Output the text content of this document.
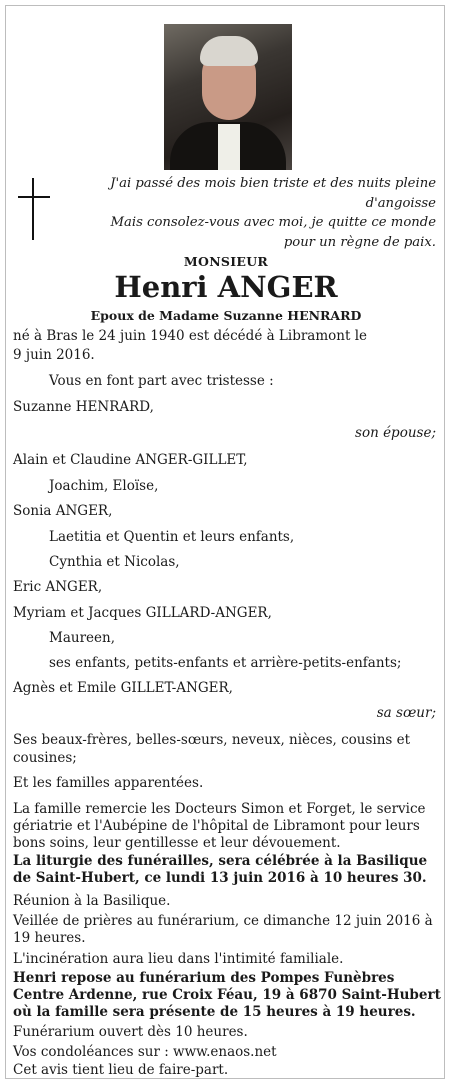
J'ai passé des mois bien triste et des nuits pleine
d'angoisse
Mais consolez-vous avec moi, je quitte ce monde
pour un règne de paix.
MONSIEUR
Henri ANGER
Epoux de Madame Suzanne HENRARD
né à Bras le 24 juin 1940 est décédé à Libramont le
9 juin 2016.
Vous en font part avec tristesse :
Suzanne HENRARD,
son épouse;
Alain et Claudine ANGER-GILLET,
Joachim, Eloïse,
Sonia ANGER,
Laetitia et Quentin et leurs enfants,
Cynthia et Nicolas,
Eric ANGER,
Myriam et Jacques GILLARD-ANGER,
Maureen,
ses enfants, petits-enfants et arrière-petits-enfants;
Agnès et Emile GILLET-ANGER,
sa sœur;
Ses beaux-frères, belles-sœurs, neveux, nièces, cousins et
cousines;
Et les familles apparentées.
La famille remercie les Docteurs Simon et Forget, le service
gériatrie et l'Aubépine de l'hôpital de Libramont pour leurs
bons soins, leur gentillesse et leur dévouement.
La liturgie des funérailles, sera célébrée à la Basilique
de Saint-Hubert, ce lundi 13 juin 2016 à 10 heures 30.
Réunion à la Basilique.
Veillée de prières au funérarium, ce dimanche 12 juin 2016 à
19 heures.
L'incinération aura lieu dans l'intimité familiale.
Henri repose au funérarium des Pompes Funèbres
Centre Ardenne, rue Croix Féau, 19 à 6870 Saint-Hubert
où la famille sera présente de 15 heures à 19 heures.
Funérarium ouvert dès 10 heures.
Vos condoléances sur : www.enaos.net
Cet avis tient lieu de faire-part.
